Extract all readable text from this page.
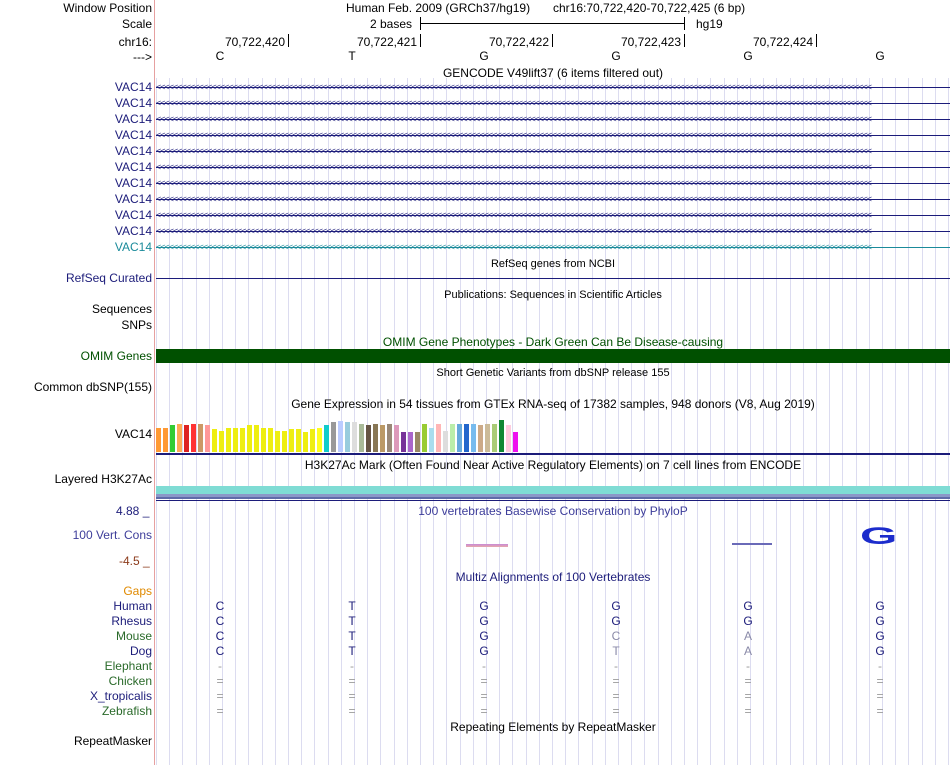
Window Position
Scale
chr16:
--->
Human Feb. 2009 (GRCh37/hg19) chr16:70,722,420-70,722,425 (6 bp)
2 bases	hg19
70,722,420	70,722,421	70,722,422	70,722,423	70,722,424
C	T	G	G	G	G
GENCODE V49lift37 (6 items filtered out)
VAC14 <<<<<<<<<<<<<<<<<<<<<<<<<<<<<<<<<<<<<<<<<<<<<<<<<<<<<<<<<<<<<<<<<<<<<<<<<<<<<<<<<<<<<<<<<<<<<<<<<<<<<<<<<<<<<<<<<<<<<<<<<<<<<<<<<<<<<<<<<<<<<<<<<<<<<<<<<<<<<<<<<<<<<<<<
VAC14 <<<<<<<<<<<<<<<<<<<<<<<<<<<<<<<<<<<<<<<<<<<<<<<<<<<<<<<<<<<<<<<<<<<<<<<<<<<<<<<<<<<<<<<<<<<<<<<<<<<<<<<<<<<<<<<<<<<<<<<<<<<<<<<<<<<<<<<<<<<<<<<<<<<<<<<<<<<<<<<<<<<<<<<<
VAC14 <<<<<<<<<<<<<<<<<<<<<<<<<<<<<<<<<<<<<<<<<<<<<<<<<<<<<<<<<<<<<<<<<<<<<<<<<<<<<<<<<<<<<<<<<<<<<<<<<<<<<<<<<<<<<<<<<<<<<<<<<<<<<<<<<<<<<<<<<<<<<<<<<<<<<<<<<<<<<<<<<<<<<<<<
VAC14 <<<<<<<<<<<<<<<<<<<<<<<<<<<<<<<<<<<<<<<<<<<<<<<<<<<<<<<<<<<<<<<<<<<<<<<<<<<<<<<<<<<<<<<<<<<<<<<<<<<<<<<<<<<<<<<<<<<<<<<<<<<<<<<<<<<<<<<<<<<<<<<<<<<<<<<<<<<<<<<<<<<<<<<<
VAC14 <<<<<<<<<<<<<<<<<<<<<<<<<<<<<<<<<<<<<<<<<<<<<<<<<<<<<<<<<<<<<<<<<<<<<<<<<<<<<<<<<<<<<<<<<<<<<<<<<<<<<<<<<<<<<<<<<<<<<<<<<<<<<<<<<<<<<<<<<<<<<<<<<<<<<<<<<<<<<<<<<<<<<<<<
VAC14 <<<<<<<<<<<<<<<<<<<<<<<<<<<<<<<<<<<<<<<<<<<<<<<<<<<<<<<<<<<<<<<<<<<<<<<<<<<<<<<<<<<<<<<<<<<<<<<<<<<<<<<<<<<<<<<<<<<<<<<<<<<<<<<<<<<<<<<<<<<<<<<<<<<<<<<<<<<<<<<<<<<<<<<<
VAC14 <<<<<<<<<<<<<<<<<<<<<<<<<<<<<<<<<<<<<<<<<<<<<<<<<<<<<<<<<<<<<<<<<<<<<<<<<<<<<<<<<<<<<<<<<<<<<<<<<<<<<<<<<<<<<<<<<<<<<<<<<<<<<<<<<<<<<<<<<<<<<<<<<<<<<<<<<<<<<<<<<<<<<<<<
VAC14 <<<<<<<<<<<<<<<<<<<<<<<<<<<<<<<<<<<<<<<<<<<<<<<<<<<<<<<<<<<<<<<<<<<<<<<<<<<<<<<<<<<<<<<<<<<<<<<<<<<<<<<<<<<<<<<<<<<<<<<<<<<<<<<<<<<<<<<<<<<<<<<<<<<<<<<<<<<<<<<<<<<<<<<<
VAC14 <<<<<<<<<<<<<<<<<<<<<<<<<<<<<<<<<<<<<<<<<<<<<<<<<<<<<<<<<<<<<<<<<<<<<<<<<<<<<<<<<<<<<<<<<<<<<<<<<<<<<<<<<<<<<<<<<<<<<<<<<<<<<<<<<<<<<<<<<<<<<<<<<<<<<<<<<<<<<<<<<<<<<<<<
VAC14 <<<<<<<<<<<<<<<<<<<<<<<<<<<<<<<<<<<<<<<<<<<<<<<<<<<<<<<<<<<<<<<<<<<<<<<<<<<<<<<<<<<<<<<<<<<<<<<<<<<<<<<<<<<<<<<<<<<<<<<<<<<<<<<<<<<<<<<<<<<<<<<<<<<<<<<<<<<<<<<<<<<<<<<<
VAC14 <<<<<<<<<<<<<<<<<<<<<<<<<<<<<<<<<<<<<<<<<<<<<<<<<<<<<<<<<<<<<<<<<<<<<<<<<<<<<<<<<<<<<<<<<<<<<<<<<<<<<<<<<<<<<<<<<<<<<<<<<<<<<<<<<<<<<<<<<<<<<<<<<<<<<<<<<<<<<<<<<<<<<<<<
RefSeq genes from NCBI
RefSeq Curated
Publications: Sequences in Scientific Articles
Sequences
SNPs
OMIM Gene Phenotypes - Dark Green Can Be Disease-causing
OMIM Genes
Short Genetic Variants from dbSNP release 155
Common dbSNP(155)
Gene Expression in 54 tissues from GTEx RNA-seq of 17382 samples, 948 donors (V8, Aug 2019)
VAC14
H3K27Ac Mark (Often Found Near Active Regulatory Elements) on 7 cell lines from ENCODE
Layered H3K27Ac
4.88 _	100 vertebrates Basewise Conservation by PhyloP
100 Vert. Cons	G
-4.5 _
Multiz Alignments of 100 Vertebrates
Gaps
Human	C	T	G	G	G	G
Rhesus	C	T	G	G	G	G
Mouse	C	T	G	C	A	G
Dog	C	T	G	T	A	G
Elephant	-	-	-	-	-	-
Chicken	=	=	=	=	=	=
X_tropicalis	=	=	=	=	=	=
Zebrafish	=	=	=	=	=	=
Repeating Elements by RepeatMasker
RepeatMasker
